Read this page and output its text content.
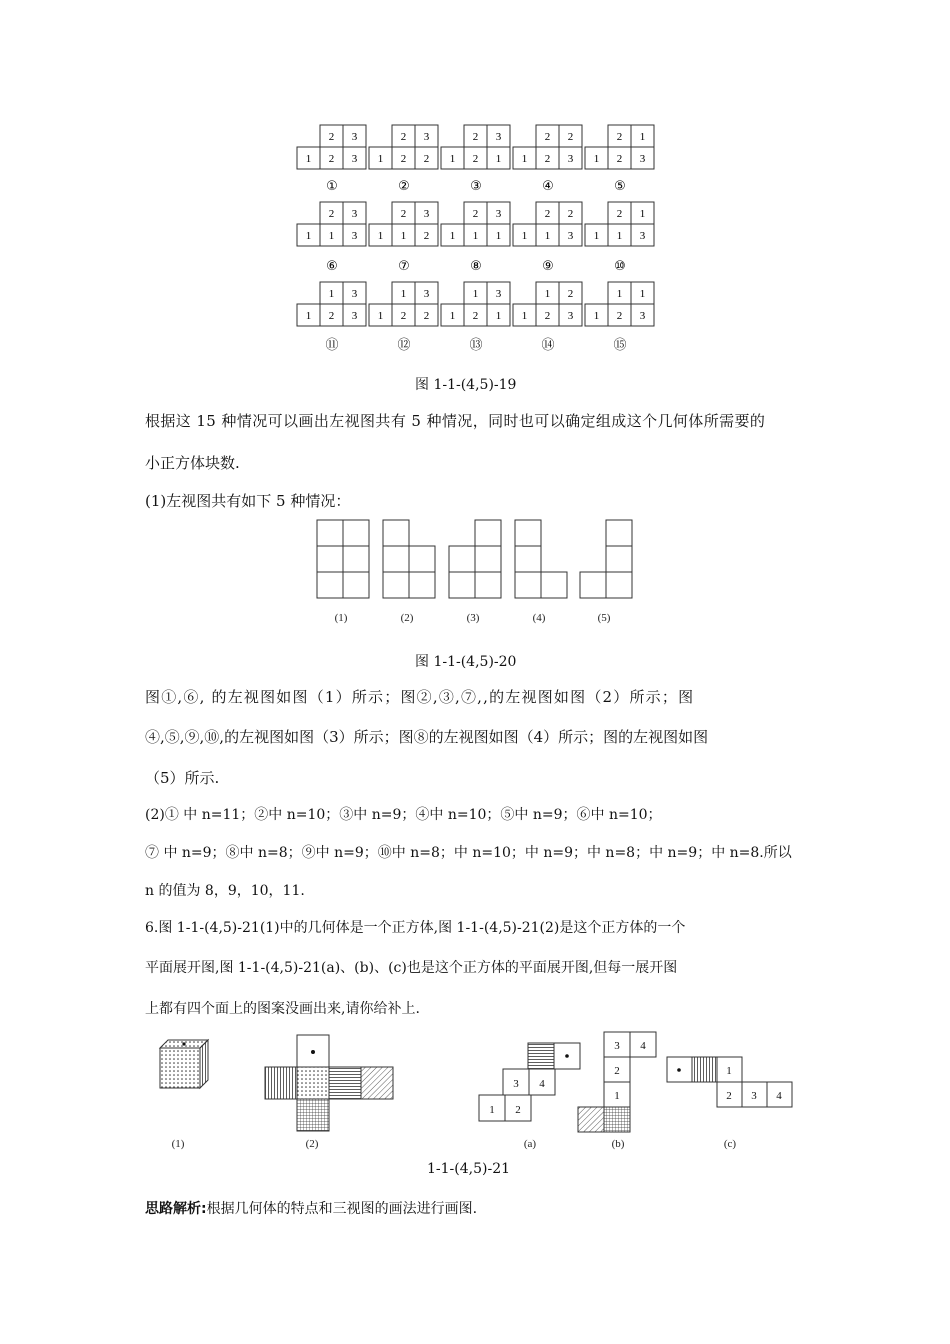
2 3
1 2 3
①
2 3
1 2 2
②
2 3
1 2 1
③
2 2
1 2 3
④
2 1
1 2 3
⑤
2 3
1 1 3
⑥
2 3
1 1 2
⑦
2 3
1 1 1
⑧
2 2
1 1 3
⑨
2 1
1 1 3
⑩
1 3
1 2 3
⑪
1 3
1 2 2
⑫
1 3
1 2 1
⑬
1 2
1 2 3
⑭
1 1
1 2 3
⑮
图 1-1-(4,5)-19
根据这 15 种情况可以画出左视图共有 5 种情况，同时也可以确定组成这个几何体所需要的
小正方体块数.
(1)左视图共有如下 5 种情况：
(1)	(2)	(3)	(4)	(5)
图 1-1-(4,5)-20
图①,⑥, 的左视图如图（1）所示；图②,③,⑦,,的左视图如图（2）所示；图
④,⑤,⑨,⑩,的左视图如图（3）所示；图⑧的左视图如图（4）所示；图的左视图如图
（5）所示.
(2)① 中 n=11；②中 n=10；③中 n=9；④中 n=10；⑤中 n=9；⑥中 n=10；
⑦ 中 n=9；⑧中 n=8；⑨中 n=9；⑩中 n=8；中 n=10；中 n=9；中 n=8；中 n=9；中 n=8.所以
n 的值为 8，9，10，11.
6.图 1-1-(4,5)-21(1)中的几何体是一个正方体,图 1-1-(4,5)-21(2)是这个正方体的一个
平面展开图,图 1-1-(4,5)-21(a)、(b)、(c)也是这个正方体的平面展开图,但每一展开图
上都有四个面上的图案没画出来,请你给补上.
3 4
1 2
3 4
2
1
1
2 3 4
(1)	(2)	(a)	(b)	(c)
1-1-(4,5)-21
思路解析:根据几何体的特点和三视图的画法进行画图.
